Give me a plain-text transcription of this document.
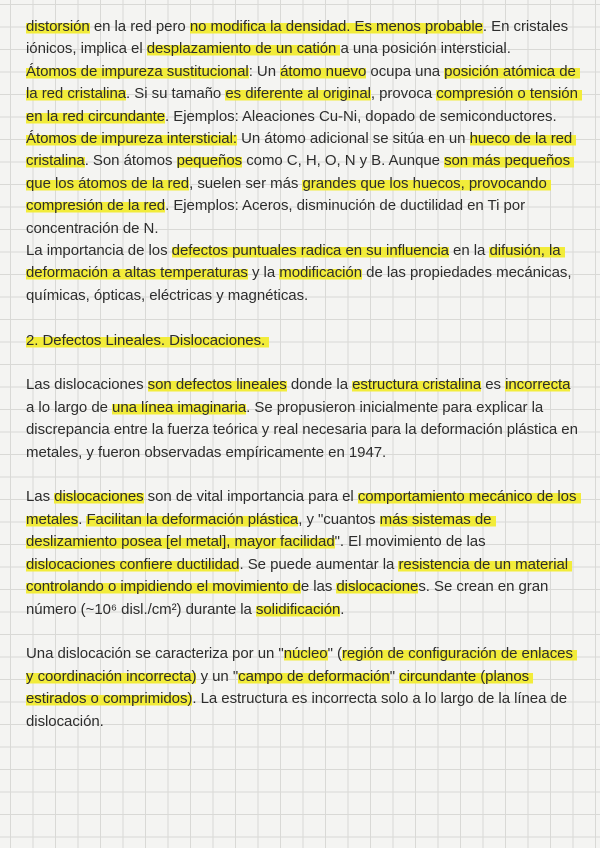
distorsión en la red pero no modifica la densidad. Es menos probable. En cristales iónicos, implica el desplazamiento de un catión a una posición intersticial.

Átomos de impureza sustitucional: Un átomo nuevo ocupa una posición atómica de la red cristalina. Si su tamaño es diferente al original, provoca compresión o tensión en la red circundante. Ejemplos: Aleaciones Cu-Ni, dopado de semiconductores.

Átomos de impureza intersticial: Un átomo adicional se sitúa en un hueco de la red cristalina. Son átomos pequeños como C, H, O, N y B. Aunque son más pequeños que los átomos de la red, suelen ser más grandes que los huecos, provocando compresión de la red. Ejemplos: Aceros, disminución de ductilidad en Ti por concentración de N.

La importancia de los defectos puntuales radica en su influencia en la difusión, la deformación a altas temperaturas y la modificación de las propiedades mecánicas, químicas, ópticas, eléctricas y magnéticas.

2. Defectos Lineales. Dislocaciones.

Las dislocaciones son defectos lineales donde la estructura cristalina es incorrecta a lo largo de una línea imaginaria. Se propusieron inicialmente para explicar la discrepancia entre la fuerza teórica y real necesaria para la deformación plástica en metales, y fueron observadas empíricamente en 1947.

Las dislocaciones son de vital importancia para el comportamiento mecánico de los metales. Facilitan la deformación plástica, y "cuantos más sistemas de deslizamiento posea [el metal], mayor facilidad". El movimiento de las dislocaciones confiere ductilidad. Se puede aumentar la resistencia de un material controlando o impidiendo el movimiento de las dislocaciones. Se crean en gran número (~10⁶ disl./cm²) durante la solidificación.

Una dislocación se caracteriza por un "núcleo" (región de configuración de enlaces y coordinación incorrecta) y un "campo de deformación" circundante (planos estirados o comprimidos). La estructura es incorrecta solo a lo largo de la línea de dislocación.
